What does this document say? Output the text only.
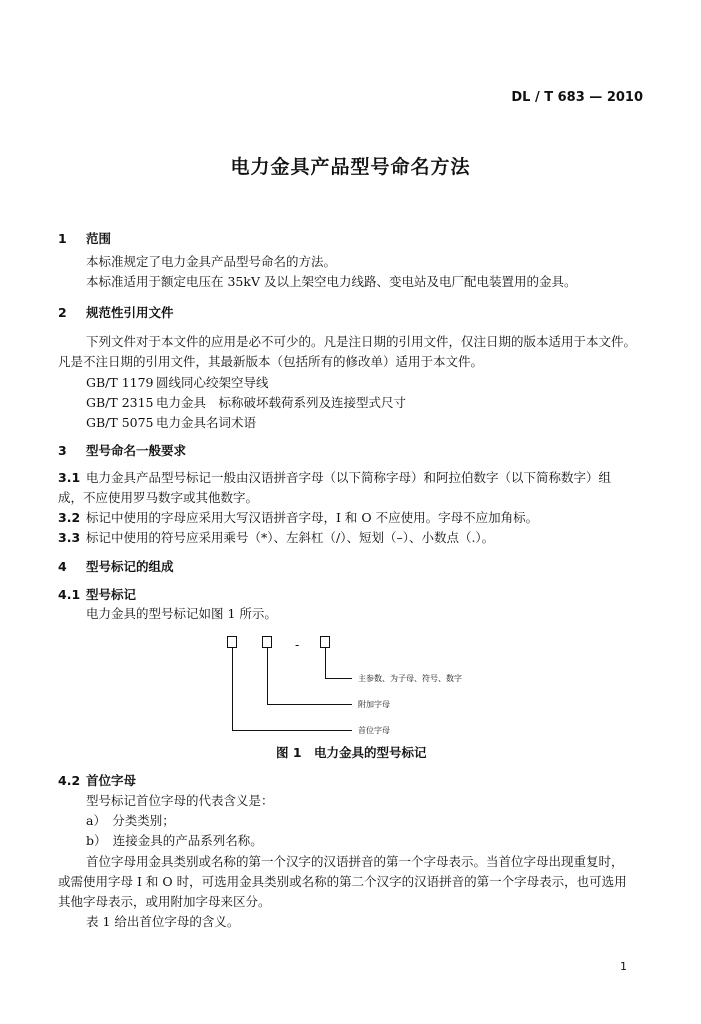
DL / T 683 — 2010
电力金具产品型号命名方法
1 范围
本标准规定了电力金具产品型号命名的方法。
本标准适用于额定电压在 35kV 及以上架空电力线路、变电站及电厂配电装置用的金具。
2 规范性引用文件
下列文件对于本文件的应用是必不可少的。凡是注日期的引用文件，仅注日期的版本适用于本文件。
凡是不注日期的引用文件，其最新版本（包括所有的修改单）适用于本文件。
GB/T 1179 圆线同心绞架空导线
GB/T 2315 电力金具　标称破坏载荷系列及连接型式尺寸
GB/T 5075 电力金具名词术语
3 型号命名一般要求
3.1 电力金具产品型号标记一般由汉语拼音字母（以下简称字母）和阿拉伯数字（以下简称数字）组
成，不应使用罗马数字或其他数字。
3.2 标记中使用的字母应采用大写汉语拼音字母，I 和 O 不应使用。字母不应加角标。
3.3 标记中使用的符号应采用乘号（*）、左斜杠（/）、短划（–）、小数点（.）。
4 型号标记的组成
4.1 型号标记
电力金具的型号标记如图 1 所示。
-
主参数、为子母、符号、数字
附加字母
首位字母
图 1　电力金具的型号标记
4.2 首位字母
型号标记首位字母的代表含义是：
a）　分类类别；
b）　连接金具的产品系列名称。
首位字母用金具类别或名称的第一个汉字的汉语拼音的第一个字母表示。当首位字母出现重复时，
或需使用字母 I 和 O 时，可选用金具类别或名称的第二个汉字的汉语拼音的第一个字母表示，也可选用
其他字母表示，或用附加字母来区分。
表 1 给出首位字母的含义。
1
